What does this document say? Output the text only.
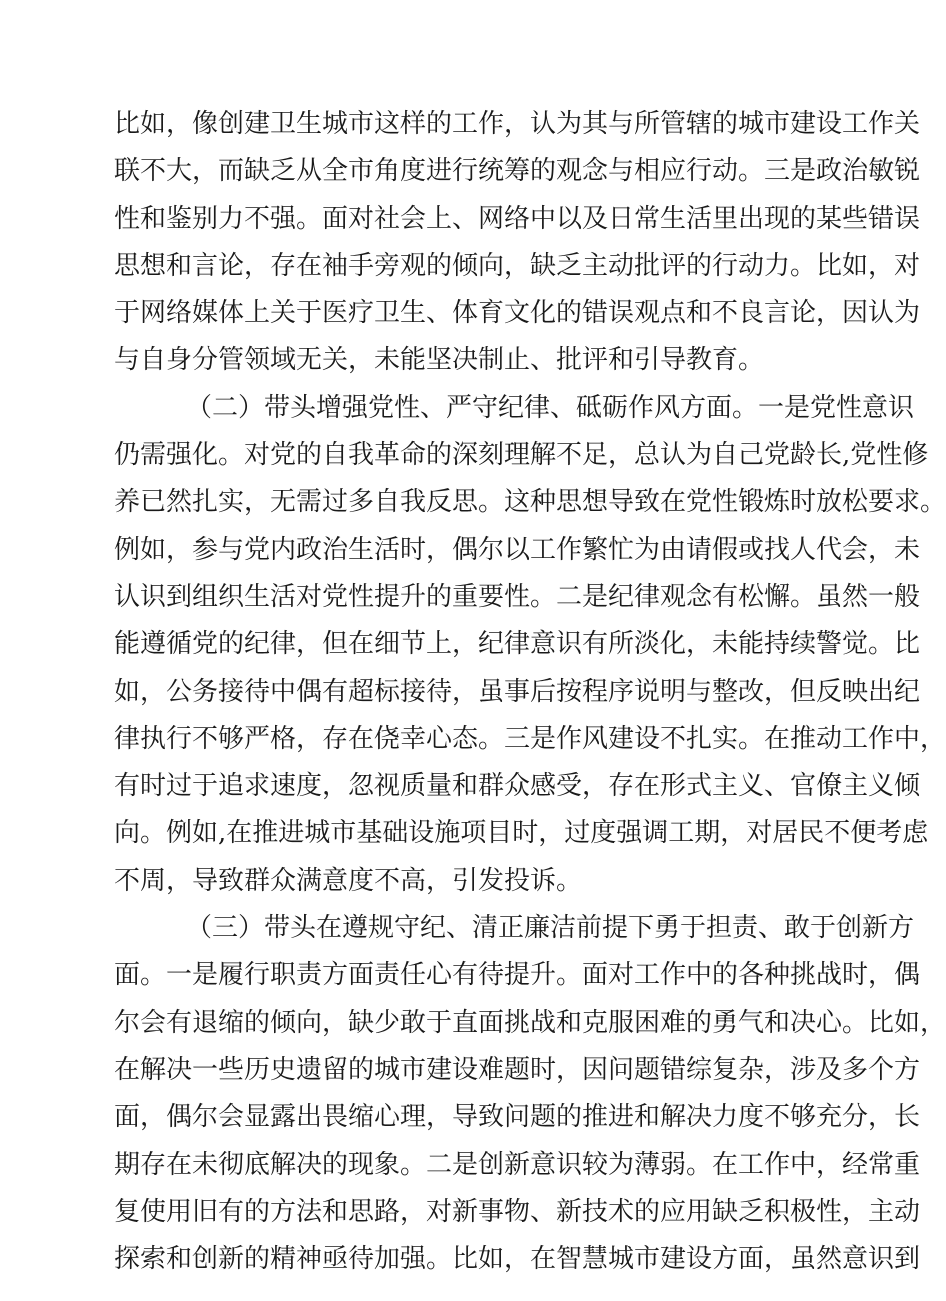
比如，像创建卫生城市这样的工作，认为其与所管辖的城市建设工作关
联不大，而缺乏从全市角度进行统筹的观念与相应行动。三是政治敏锐
性和鉴别力不强。面对社会上、网络中以及日常生活里出现的某些错误
思想和言论，存在袖手旁观的倾向，缺乏主动批评的行动力。比如，对
于网络媒体上关于医疗卫生、体育文化的错误观点和不良言论，因认为
与自身分管领域无关，未能坚决制止、批评和引导教育。
（二）带头增强党性、严守纪律、砥砺作风方面。一是党性意识
仍需强化。对党的自我革命的深刻理解不足，总认为自己党龄长,党性修
养已然扎实，无需过多自我反思。这种思想导致在党性锻炼时放松要求。
例如，参与党内政治生活时，偶尔以工作繁忙为由请假或找人代会，未
认识到组织生活对党性提升的重要性。二是纪律观念有松懈。虽然一般
能遵循党的纪律，但在细节上，纪律意识有所淡化，未能持续警觉。比
如，公务接待中偶有超标接待，虽事后按程序说明与整改，但反映出纪
律执行不够严格，存在侥幸心态。三是作风建设不扎实。在推动工作中，
有时过于追求速度，忽视质量和群众感受，存在形式主义、官僚主义倾
向。例如,在推进城市基础设施项目时，过度强调工期，对居民不便考虑
不周，导致群众满意度不高，引发投诉。
（三）带头在遵规守纪、清正廉洁前提下勇于担责、敢于创新方
面。一是履行职责方面责任心有待提升。面对工作中的各种挑战时，偶
尔会有退缩的倾向，缺少敢于直面挑战和克服困难的勇气和决心。比如，
在解决一些历史遗留的城市建设难题时，因问题错综复杂，涉及多个方
面，偶尔会显露出畏缩心理，导致问题的推进和解决力度不够充分，长
期存在未彻底解决的现象。二是创新意识较为薄弱。在工作中，经常重
复使用旧有的方法和思路，对新事物、新技术的应用缺乏积极性，主动
探索和创新的精神亟待加强。比如，在智慧城市建设方面，虽然意识到
